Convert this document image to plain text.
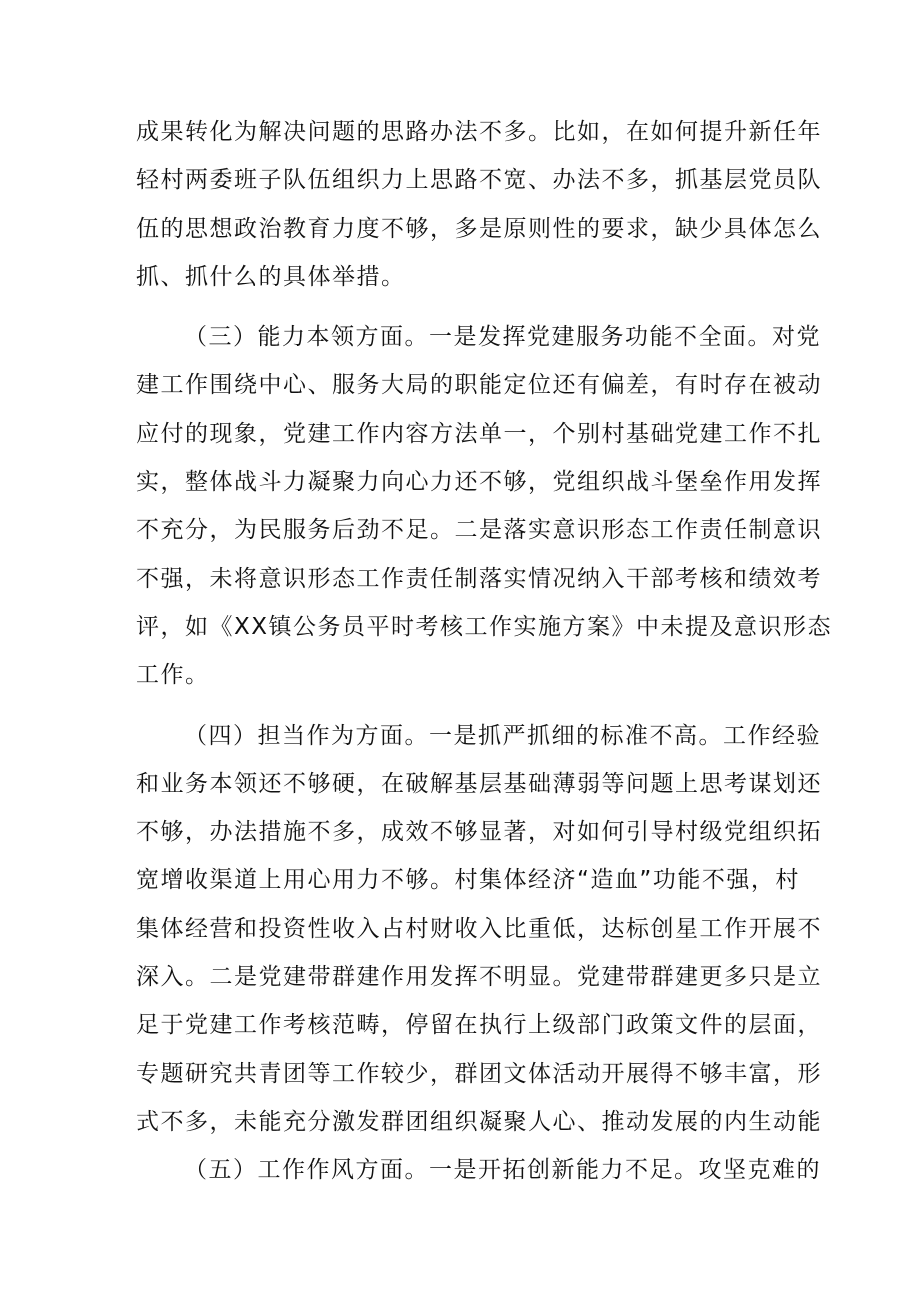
成果转化为解决问题的思路办法不多。比如，在如何提升新任年
轻村两委班子队伍组织力上思路不宽、办法不多，抓基层党员队
伍的思想政治教育力度不够，多是原则性的要求，缺少具体怎么
抓、抓什么的具体举措。
（三）能力本领方面。一是发挥党建服务功能不全面。对党
建工作围绕中心、服务大局的职能定位还有偏差，有时存在被动
应付的现象，党建工作内容方法单一，个别村基础党建工作不扎
实，整体战斗力凝聚力向心力还不够，党组织战斗堡垒作用发挥
不充分，为民服务后劲不足。二是落实意识形态工作责任制意识
不强，未将意识形态工作责任制落实情况纳入干部考核和绩效考
评，如《XX镇公务员平时考核工作实施方案》中未提及意识形态
工作。
（四）担当作为方面。一是抓严抓细的标准不高。工作经验
和业务本领还不够硬，在破解基层基础薄弱等问题上思考谋划还
不够，办法措施不多，成效不够显著，对如何引导村级党组织拓
宽增收渠道上用心用力不够。村集体经济“造血”功能不强，村
集体经营和投资性收入占村财收入比重低，达标创星工作开展不
深入。二是党建带群建作用发挥不明显。党建带群建更多只是立
足于党建工作考核范畴，停留在执行上级部门政策文件的层面，
专题研究共青团等工作较少，群团文体活动开展得不够丰富，形
式不多，未能充分激发群团组织凝聚人心、推动发展的内生动能
（五）工作作风方面。一是开拓创新能力不足。攻坚克难的
